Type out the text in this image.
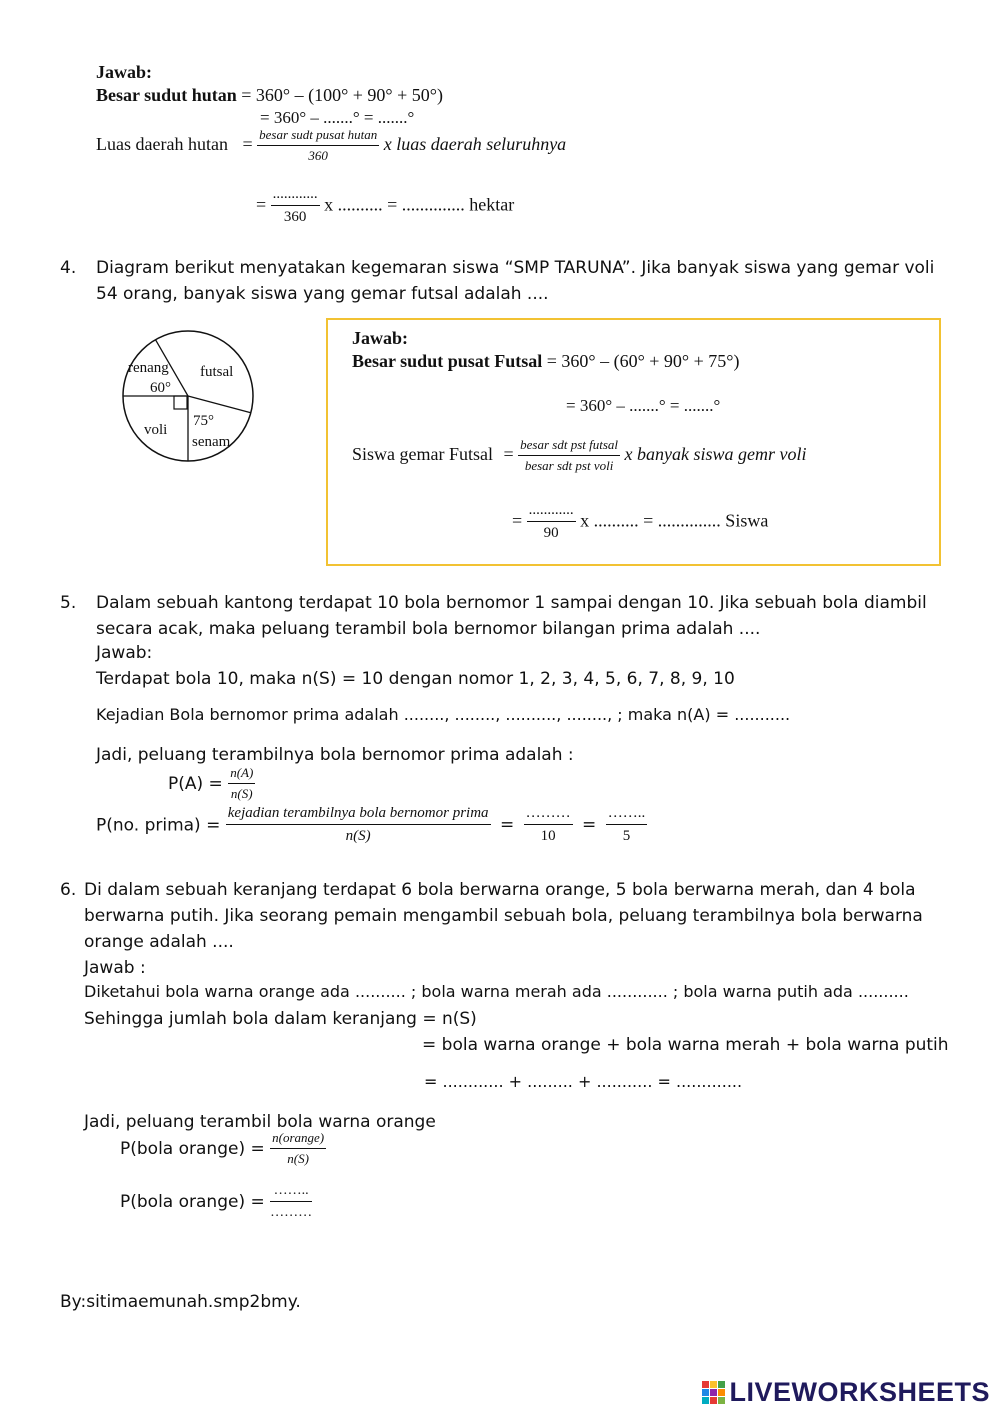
Jawab:
Besar sudut hutan = 360° – (100° + 90° + 50°)
= 360° – .......° = .......°
Luas daerah $hutan = \frac{\text{besar sudt pusat hutan}}{360}$ x luas daerah seluruhnya
= $\frac{............}{360}$ x .......... = .............. hektar
4. Diagram berikut menyatakan kegemaran siswa “SMP TARUNA”. Jika banyak siswa yang gemar voli
54 orang, banyak siswa yang gemar futsal adalah ....
renang
60°
futsal
voli
75°
senam
Jawab:
Besar sudut pusat Futsal = 360° – (60° + 90° + 75°)
= 360° – .......° = .......°
Siswa gemar Futsal = $\frac{\text{besar sdt pst futsal}}{\text{besar sdt pst voli}}$ x banyak siswa gemr voli
= $\frac{............}{90}$ x .......... = .............. Siswa
5. Dalam sebuah kantong terdapat 10 bola bernomor 1 sampai dengan 10. Jika sebuah bola diambil
secara acak, maka peluang terambil bola bernomor bilangan prima adalah ....
Jawab:
Terdapat bola 10, maka n(S) = 10 dengan nomor 1, 2, 3, 4, 5, 6, 7, 8, 9, 10
Kejadian Bola bernomor prima adalah ........, ........, .........., ........, ; maka n(A) = ...........
Jadi, peluang terambilnya bola bernomor prima adalah :
$P(A) = \frac{n(A)}{n(S)}$
P(no. prima) = $\frac{\text{kejadian terambilnya bola bernomor prima}}{n(S)} = \frac{\dots\dots\dots}{10} = \frac{\dots\dots..}{5}$
6. Di dalam sebuah keranjang terdapat 6 bola berwarna orange, 5 bola berwarna merah, dan 4 bola
berwarna putih. Jika seorang pemain mengambil sebuah bola, peluang terambilnya bola berwarna
orange adalah ....
Jawab :
Diketahui bola warna orange ada .......... ; bola warna merah ada ............ ; bola warna putih ada ..........
Sehingga jumlah bola dalam keranjang = n(S)
= bola warna orange + bola warna merah + bola warna putih
= ............ + ......... + ........... = .............
Jadi, peluang terambil bola warna orange
P(bola orange) = $\frac{\text{n(orange)}}{n(S)}$
P(bola orange) = $\frac{\dots\dots..}{\dots\dots\dots}$
By:sitimaemunah.smp2bmy.
LIVEWORKSHEETS
